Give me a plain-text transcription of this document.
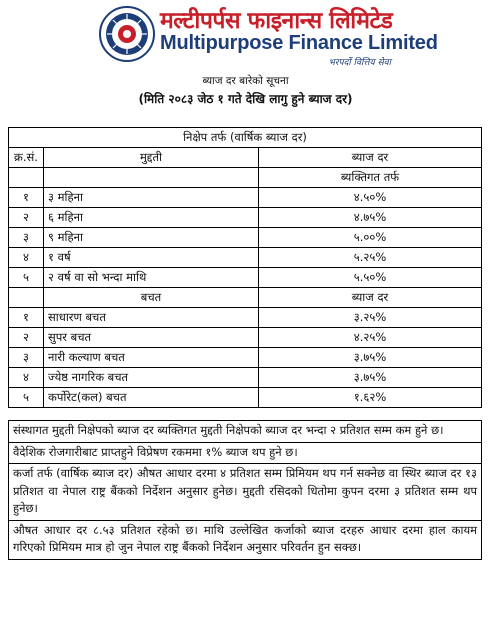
मल्टीपर्पस फाइनान्स लिमिटेड
Multipurpose Finance Limited
भरपर्दो वित्तिय सेवा
ब्याज दर बारेको सूचना
(मिति २०८३ जेठ १ गते देखि लागु हुने ब्याज दर)
निक्षेप तर्फ (वार्षिक ब्याज दर)		
क्र.सं.	मुद्दती	ब्याज दर
		ब्यक्तिगत तर्फ
१	३ महिना	४.५०%
२	६ महिना	४.७५%
३	९ महिना	५.००%
४	१ वर्ष	५.२५%
५	२ वर्ष वा सो भन्दा माथि	५.५०%
	बचत	ब्याज दर
१	साधारण बचत	३.२५%
२	सुपर बचत	४.२५%
३	नारी कल्याण बचत	३.७५%
४	ज्येष्ठ नागरिक बचत	३.७५%
५	कर्पोरेट(कल) बचत	१.६२%
संस्थागत मुद्दती निक्षेपको ब्याज दर ब्यक्तिगत मुद्दती निक्षेपको ब्याज दर भन्दा २ प्रतिशत सम्म कम हुने छ।
वैदेशिक रोजगारीबाट प्राप्तहुने विप्रेषण रकममा १% ब्याज थप हुने छ।
कर्जा तर्फ (वार्षिक ब्याज दर) औषत आधार दरमा ४ प्रतिशत सम्म प्रिमियम थप गर्न सक्नेछ वा स्थिर ब्याज दर १३ प्रतिशत वा नेपाल राष्ट्र बैंकको निर्देशन अनुसार हुनेछ। मुद्दती रसिदको धितोमा कुपन दरमा ३ प्रतिशत सम्म थप हुनेछ।
औषत आधार दर ८.५३ प्रतिशत रहेको छ। माथि उल्लेखित कर्जाको ब्याज दरहरु आधार दरमा हाल कायम गरिएको प्रिमियम मात्र हो जुन नेपाल राष्ट्र बैंकको निर्देशन अनुसार परिवर्तन हुन सक्छ।
